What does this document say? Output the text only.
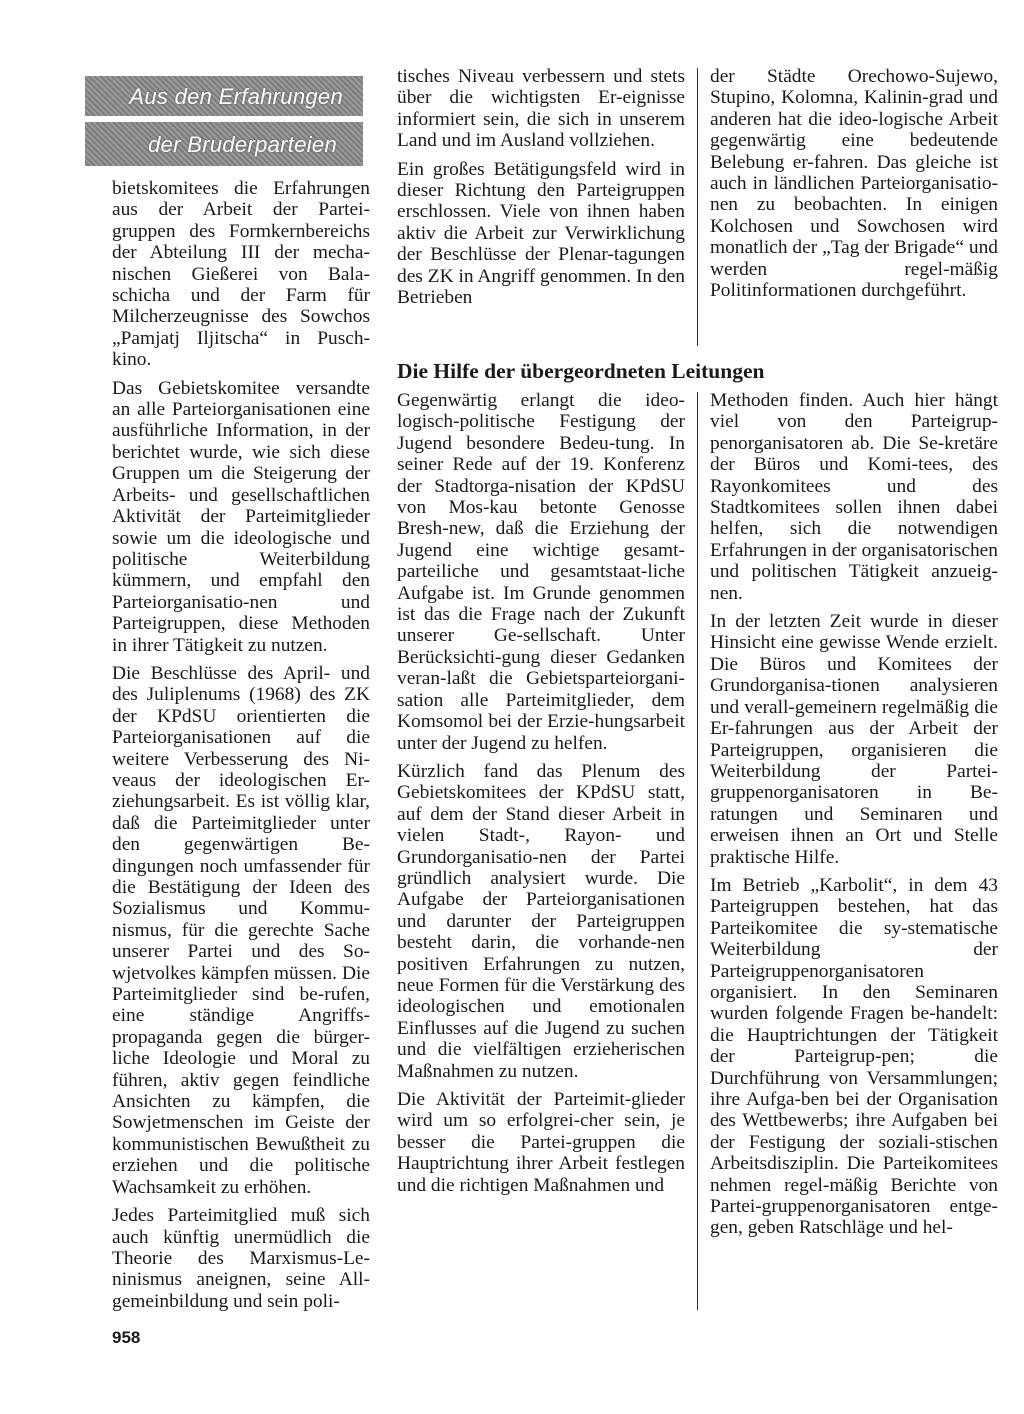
Aus den Erfahrungen
der Bruderparteien

bietskomitees die Erfahrungen aus der Arbeit der Partei-gruppen des Formkernbereichs der Abteilung III der mecha-nischen Gießerei von Bala-schicha und der Farm für Milcherzeugnisse des Sowchos „Pamjatj Iljitscha“ in Pusch-kino.

Das Gebietskomitee versandte an alle Parteiorganisationen eine ausführliche Information, in der berichtet wurde, wie sich diese Gruppen um die Steigerung der Arbeits- und gesellschaftlichen Aktivität der Parteimitglieder sowie um die ideologische und politische Weiterbildung kümmern, und empfahl den Parteiorganisatio-nen und Parteigruppen, diese Methoden in ihrer Tätigkeit zu nutzen.

Die Beschlüsse des April- und des Juliplenums (1968) des ZK der KPdSU orientierten die Parteiorganisationen auf die weitere Verbesserung des Ni-veaus der ideologischen Er-ziehungsarbeit. Es ist völlig klar, daß die Parteimitglieder unter den gegenwärtigen Be-dingungen noch umfassender für die Bestätigung der Ideen des Sozialismus und Kommu-nismus, für die gerechte Sache unserer Partei und des So-wjetvolkes kämpfen müssen. Die Parteimitglieder sind be-rufen, eine ständige Angriffs-propaganda gegen die bürger-liche Ideologie und Moral zu führen, aktiv gegen feindliche Ansichten zu kämpfen, die Sowjetmenschen im Geiste der kommunistischen Bewußtheit zu erziehen und die politische Wachsamkeit zu erhöhen.

Jedes Parteimitglied muß sich auch künftig unermüdlich die Theorie des Marxismus-Le-ninismus aneignen, seine All-gemeinbildung und sein poli-

tisches Niveau verbessern und stets über die wichtigsten Er-eignisse informiert sein, die sich in unserem Land und im Ausland vollziehen.

Ein großes Betätigungsfeld wird in dieser Richtung den Parteigruppen erschlossen. Viele von ihnen haben aktiv die Arbeit zur Verwirklichung der Beschlüsse der Plenar-tagungen des ZK in Angriff genommen. In den Betrieben

der Städte Orechowo-Sujewo, Stupino, Kolomna, Kalinin-grad und anderen hat die ideo-logische Arbeit gegenwärtig eine bedeutende Belebung er-fahren. Das gleiche ist auch in ländlichen Parteiorganisatio-nen zu beobachten. In einigen Kolchosen und Sowchosen wird monatlich der „Tag der Brigade“ und werden regel-mäßig Politinformationen durchgeführt.

Die Hilfe der übergeordneten Leitungen

Gegenwärtig erlangt die ideo-logisch-politische Festigung der Jugend besondere Bedeu-tung. In seiner Rede auf der 19. Konferenz der Stadtorga-nisation der KPdSU von Mos-kau betonte Genosse Bresh-new, daß die Erziehung der Jugend eine wichtige gesamt-parteiliche und gesamtstaat-liche Aufgabe ist. Im Grunde genommen ist das die Frage nach der Zukunft unserer Ge-sellschaft. Unter Berücksichti-gung dieser Gedanken veran-laßt die Gebietsparteiorgani-sation alle Parteimitglieder, dem Komsomol bei der Erzie-hungsarbeit unter der Jugend zu helfen.

Kürzlich fand das Plenum des Gebietskomitees der KPdSU statt, auf dem der Stand dieser Arbeit in vielen Stadt-, Rayon- und Grundorganisatio-nen der Partei gründlich analysiert wurde. Die Aufgabe der Parteiorganisationen und darunter der Parteigruppen besteht darin, die vorhande-nen positiven Erfahrungen zu nutzen, neue Formen für die Verstärkung des ideologischen und emotionalen Einflusses auf die Jugend zu suchen und die vielfältigen erzieherischen Maßnahmen zu nutzen.

Die Aktivität der Parteimit-glieder wird um so erfolgrei-cher sein, je besser die Partei-gruppen die Hauptrichtung ihrer Arbeit festlegen und die richtigen Maßnahmen und

Methoden finden. Auch hier hängt viel von den Parteigrup-penorganisatoren ab. Die Se-kretäre der Büros und Komi-tees, des Rayonkomitees und des Stadtkomitees sollen ihnen dabei helfen, sich die notwendigen Erfahrungen in der organisatorischen und politischen Tätigkeit anzueig-nen.

In der letzten Zeit wurde in dieser Hinsicht eine gewisse Wende erzielt. Die Büros und Komitees der Grundorganisa-tionen analysieren und verall-gemeinern regelmäßig die Er-fahrungen aus der Arbeit der Parteigruppen, organisieren die Weiterbildung der Partei-gruppenorganisatoren in Be-ratungen und Seminaren und erweisen ihnen an Ort und Stelle praktische Hilfe.

Im Betrieb „Karbolit“, in dem 43 Parteigruppen bestehen, hat das Parteikomitee die sy-stematische Weiterbildung der Parteigruppenorganisatoren organisiert. In den Seminaren wurden folgende Fragen be-handelt: die Hauptrichtungen der Tätigkeit der Parteigrup-pen; die Durchführung von Versammlungen; ihre Aufga-ben bei der Organisation des Wettbewerbs; ihre Aufgaben bei der Festigung der soziali-stischen Arbeitsdisziplin. Die Parteikomitees nehmen regel-mäßig Berichte von Partei-gruppenorganisatoren entge-gen, geben Ratschläge und hel-

958
